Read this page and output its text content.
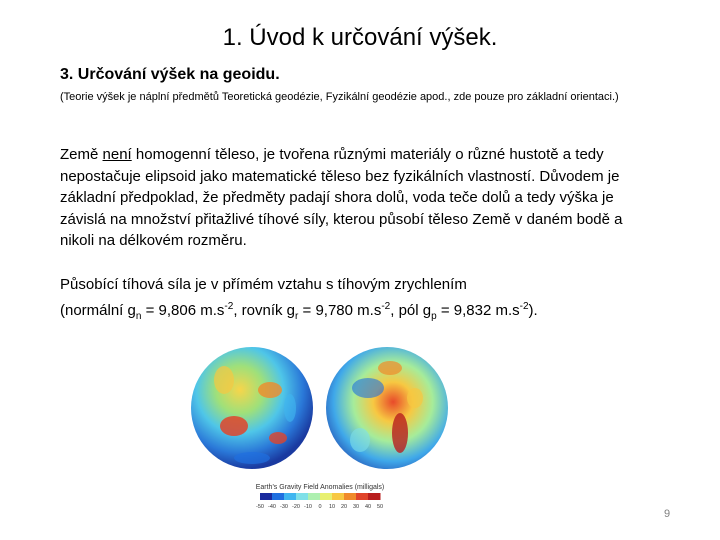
1. Úvod k určování výšek.
3. Určování výšek na geoidu.
(Teorie výšek je náplní předmětů Teoretická geodézie, Fyzikální geodézie apod., zde pouze pro základní orientaci.)
Země není homogenní těleso, je tvořena různými materiály o různé hustotě a tedy nepostačuje elipsoid jako matematické těleso bez fyzikálních vlastností. Důvodem je základní předpoklad, že předměty padají shora dolů, voda teče dolů a tedy výška je závislá na množství přitažlivé tíhové síly, kterou působí těleso Země v daném bodě a nikoli na délkovém rozměru.
Působící tíhová síla je v přímém vztahu s tíhovým zrychlením
(normální $g_n = 9,806$ $m.s^{-2}$, rovník $g_r = 9,780$ $m.s^{-2}$, pól $g_p = 9,832$ $m.s^{-2}$).
Earth's Gravity Field Anomalies (milligals)
-50 -40 -30 -20 -10 0 10 20 30 40 50
9
